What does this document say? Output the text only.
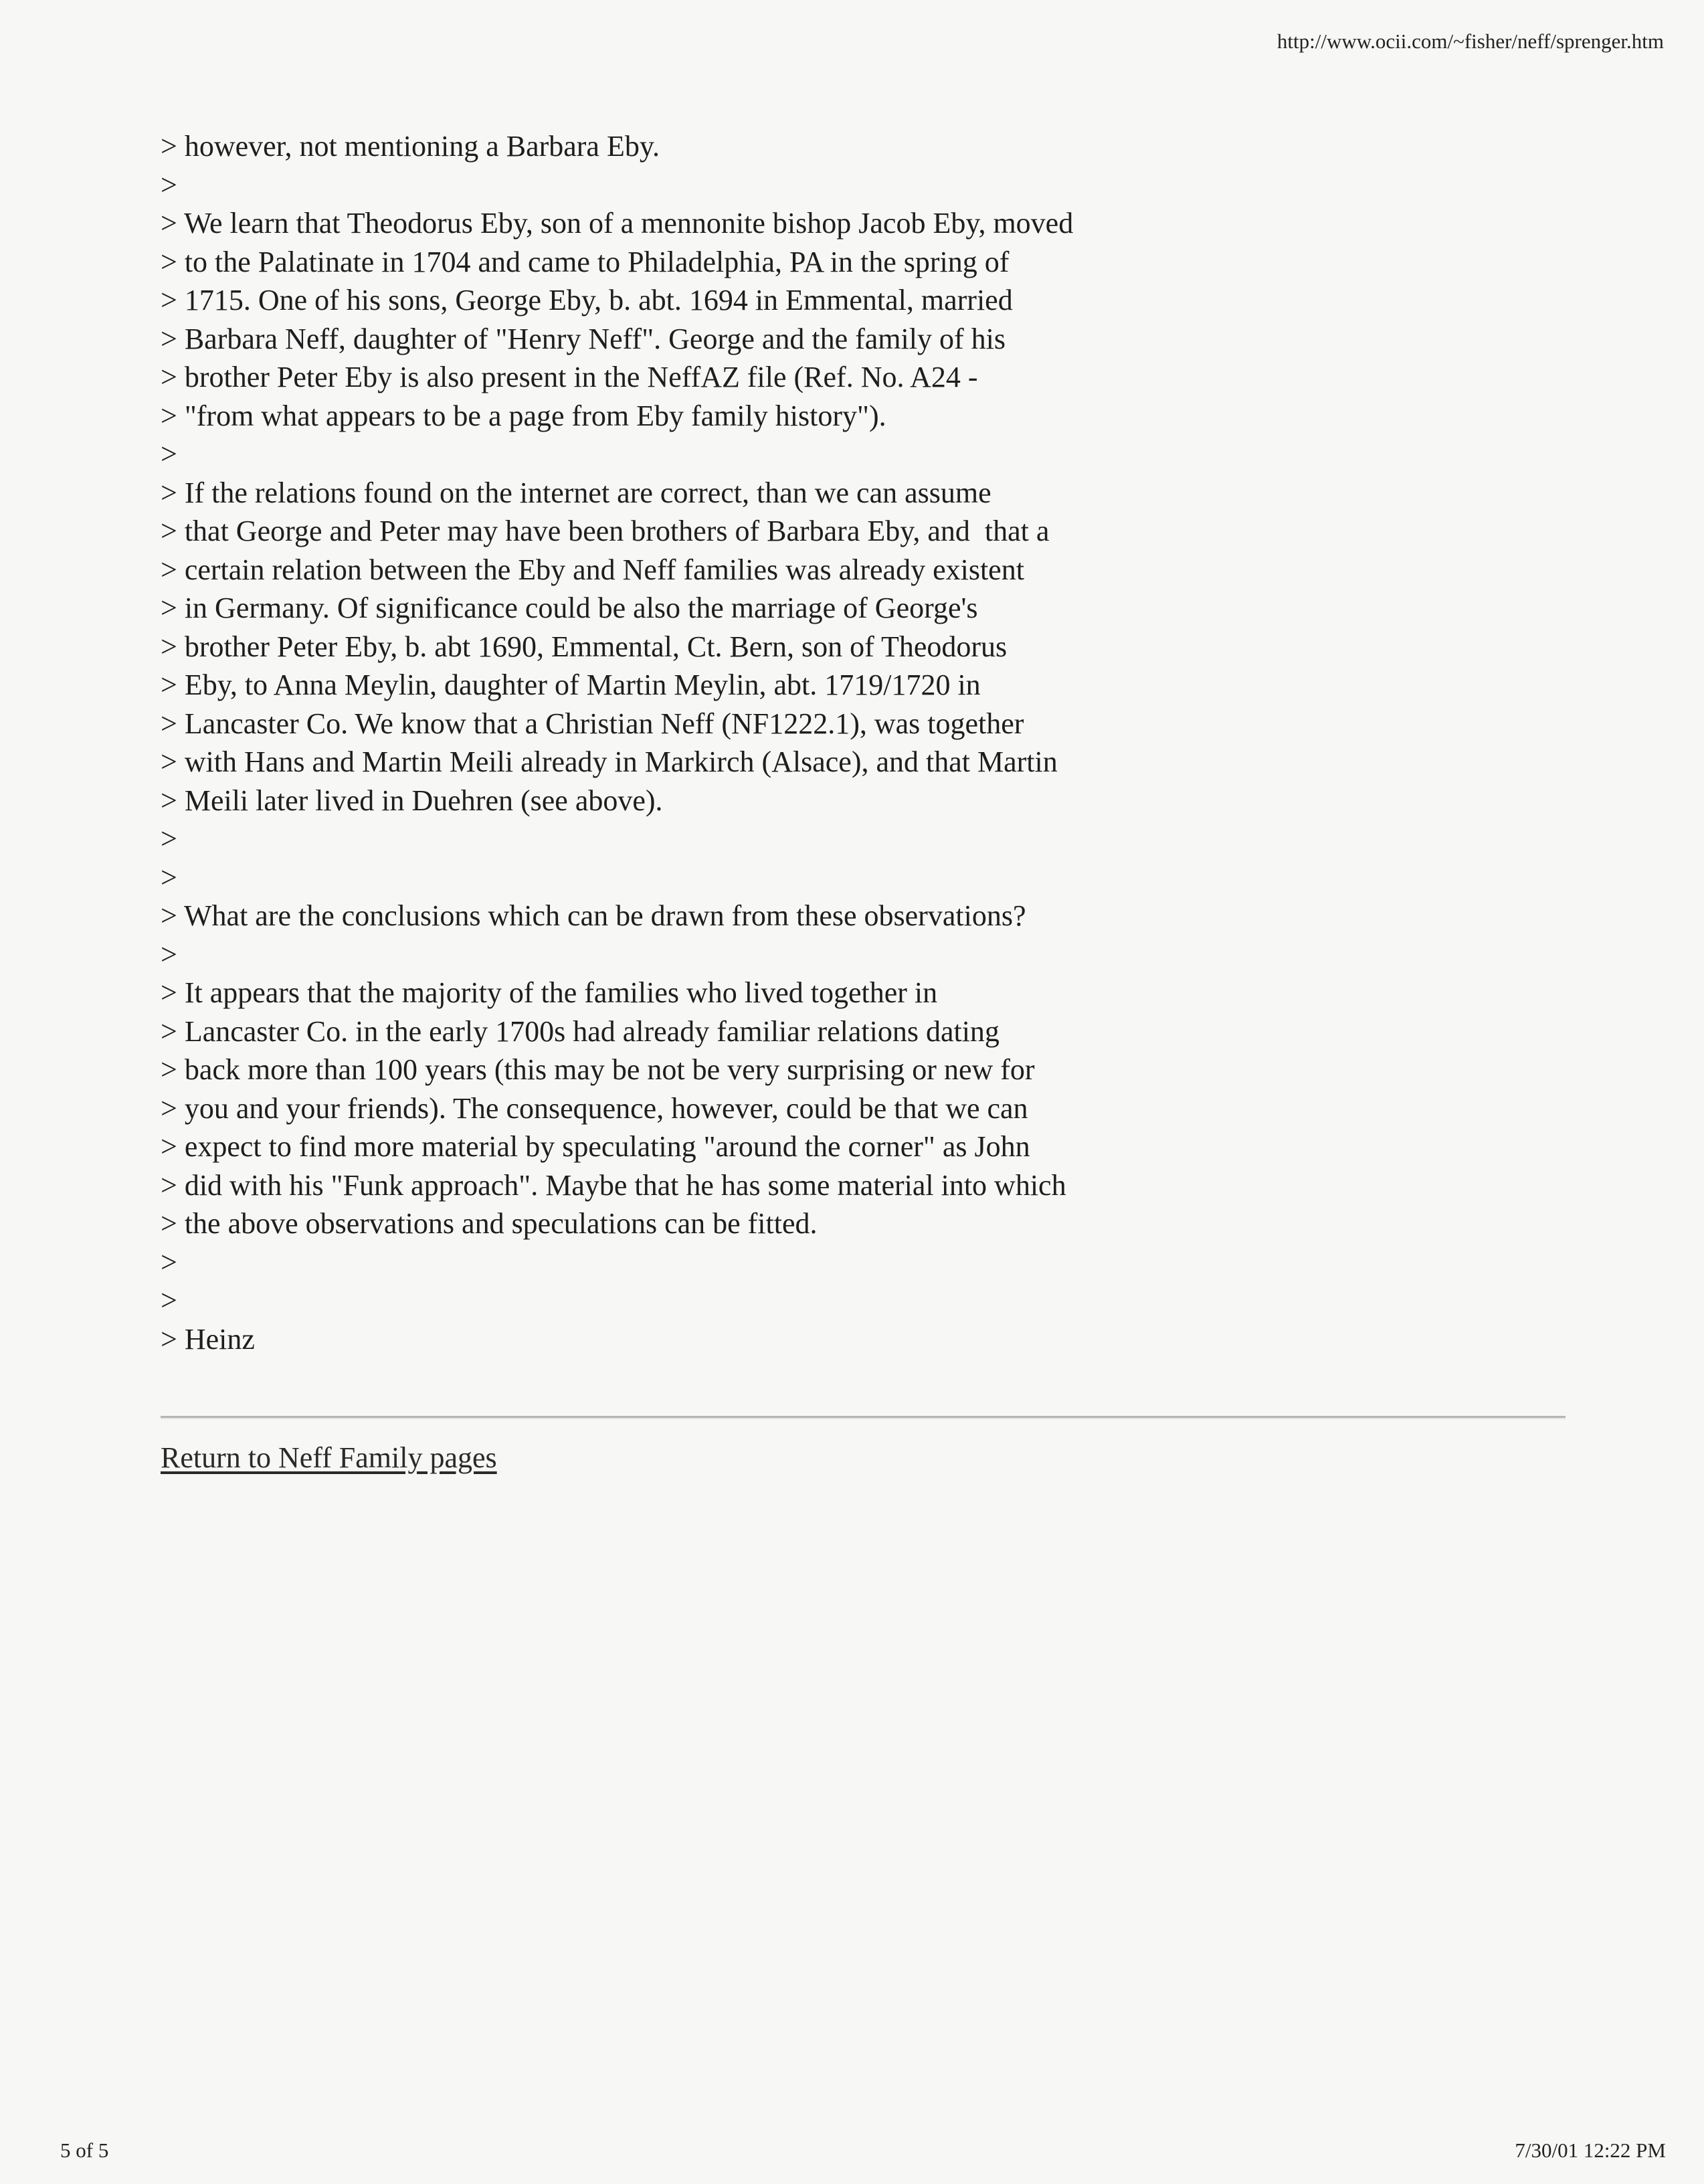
http://www.ocii.com/~fisher/neff/sprenger.htm
> however, not mentioning a Barbara Eby.
>
> We learn that Theodorus Eby, son of a mennonite bishop Jacob Eby, moved
> to the Palatinate in 1704 and came to Philadelphia, PA in the spring of
> 1715. One of his sons, George Eby, b. abt. 1694 in Emmental, married
> Barbara Neff, daughter of "Henry Neff". George and the family of his
> brother Peter Eby is also present in the NeffAZ file (Ref. No. A24 -
> "from what appears to be a page from Eby family history").
>
> If the relations found on the internet are correct, than we can assume
> that George and Peter may have been brothers of Barbara Eby, and  that a
> certain relation between the Eby and Neff families was already existent
> in Germany. Of significance could be also the marriage of George's
> brother Peter Eby, b. abt 1690, Emmental, Ct. Bern, son of Theodorus
> Eby, to Anna Meylin, daughter of Martin Meylin, abt. 1719/1720 in
> Lancaster Co. We know that a Christian Neff (NF1222.1), was together
> with Hans and Martin Meili already in Markirch (Alsace), and that Martin
> Meili later lived in Duehren (see above).
>
>
> What are the conclusions which can be drawn from these observations?
>
> It appears that the majority of the families who lived together in
> Lancaster Co. in the early 1700s had already familiar relations dating
> back more than 100 years (this may be not be very surprising or new for
> you and your friends). The consequence, however, could be that we can
> expect to find more material by speculating "around the corner" as John
> did with his "Funk approach". Maybe that he has some material into which
> the above observations and speculations can be fitted.
>
>
> Heinz
Return to Neff Family pages
5 of 5	7/30/01 12:22 PM
